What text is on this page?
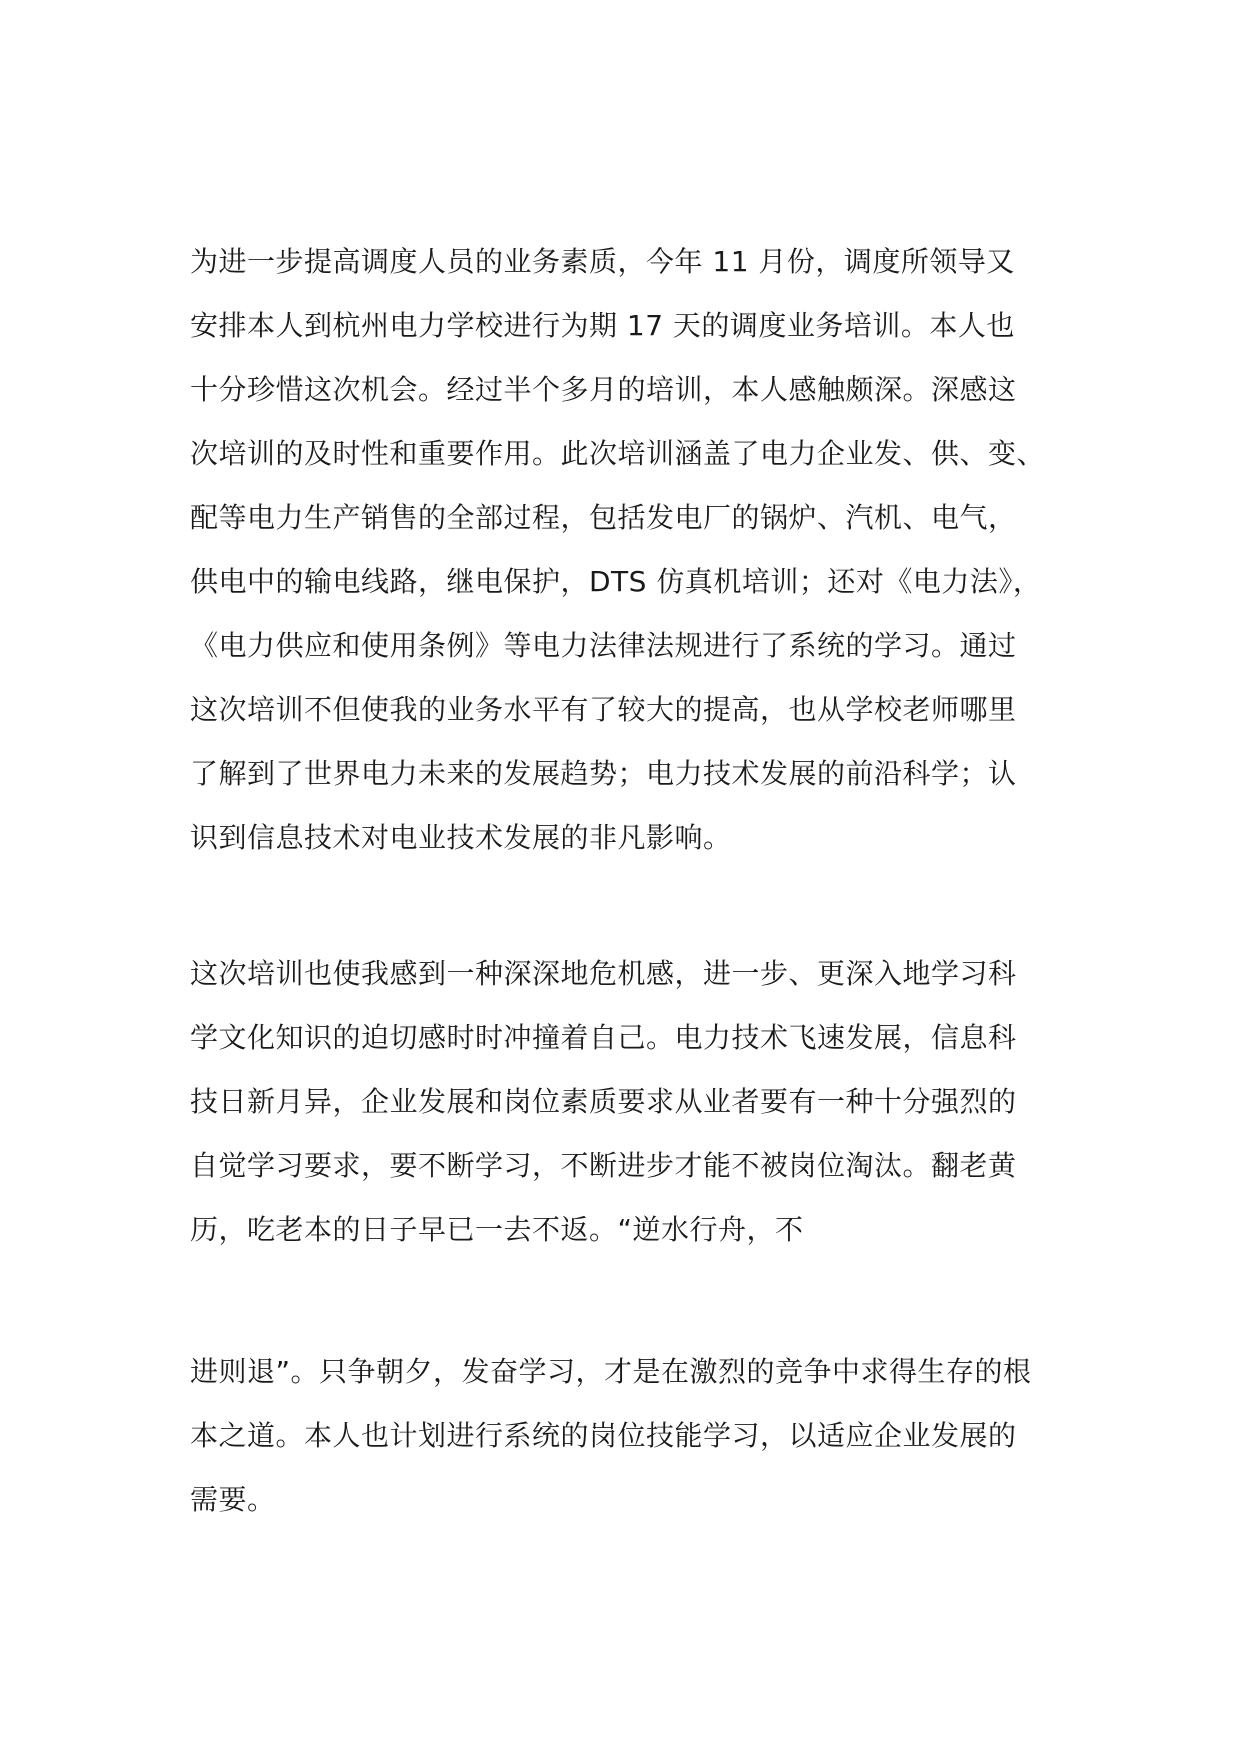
为进一步提高调度人员的业务素质，今年 11 月份，调度所领导又
安排本人到杭州电力学校进行为期 17 天的调度业务培训。本人也
十分珍惜这次机会。经过半个多月的培训，本人感触颇深。深感这
次培训的及时性和重要作用。此次培训涵盖了电力企业发、供、变、
配等电力生产销售的全部过程，包括发电厂的锅炉、汽机、电气，
供电中的输电线路，继电保护，DTS 仿真机培训；还对《电力法》，
《电力供应和使用条例》等电力法律法规进行了系统的学习。通过
这次培训不但使我的业务水平有了较大的提高，也从学校老师哪里
了解到了世界电力未来的发展趋势；电力技术发展的前沿科学；认
识到信息技术对电业技术发展的非凡影响。
这次培训也使我感到一种深深地危机感，进一步、更深入地学习科
学文化知识的迫切感时时冲撞着自己。电力技术飞速发展，信息科
技日新月异，企业发展和岗位素质要求从业者要有一种十分强烈的
自觉学习要求，要不断学习，不断进步才能不被岗位淘汰。翻老黄
历，吃老本的日子早已一去不返。“逆水行舟，不
进则退”。只争朝夕，发奋学习，才是在激烈的竞争中求得生存的根
本之道。本人也计划进行系统的岗位技能学习，以适应企业发展的
需要。
